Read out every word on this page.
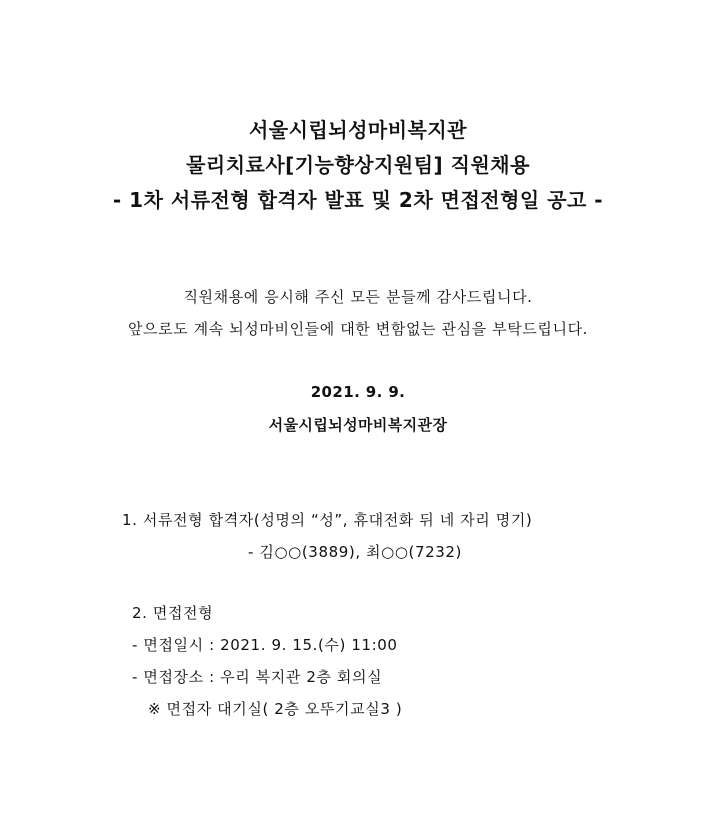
서울시립뇌성마비복지관
물리치료사[기능향상지원팀] 직원채용
- 1차 서류전형 합격자 발표 및 2차 면접전형일 공고 -
직원채용에 응시해 주신 모든 분들께 감사드립니다.
앞으로도 계속 뇌성마비인들에 대한 변함없는 관심을 부탁드립니다.
2021. 9. 9.
서울시립뇌성마비복지관장
1. 서류전형 합격자(성명의 “성”, 휴대전화 뒤 네 자리 명기)
- 김○○(3889), 최○○(7232)
2. 면접전형
- 면접일시 : 2021. 9. 15.(수) 11:00
- 면접장소 : 우리 복지관 2층 회의실
※ 면접자 대기실( 2층 오뚜기교실3 )
